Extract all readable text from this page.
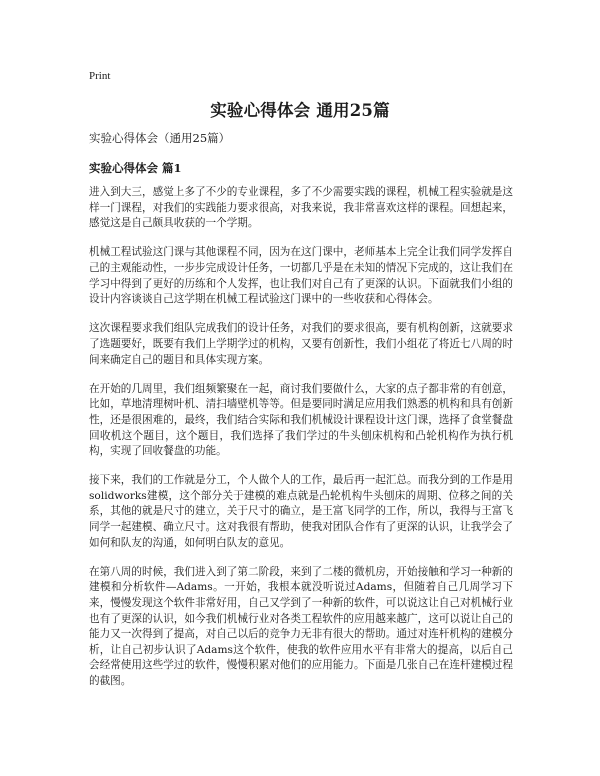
Print

实验心得体会 通用25篇

实验心得体会（通用25篇）

实验心得体会 篇1

进入到大三，感觉上多了不少的专业课程，多了不少需要实践的课程，机械工程实验就是这样一门课程，对我们的实践能力要求很高，对我来说，我非常喜欢这样的课程。回想起来，感觉这是自己颇具收获的一个学期。

机械工程试验这门课与其他课程不同，因为在这门课中，老师基本上完全让我们同学发挥自己的主观能动性，一步步完成设计任务，一切都几乎是在未知的情况下完成的，这让我们在学习中得到了更好的历练和个人发挥，也让我们对自己有了更深的认识。下面就我们小组的设计内容谈谈自己这学期在机械工程试验这门课中的一些收获和心得体会。

这次课程要求我们组队完成我们的设计任务，对我们的要求很高，要有机构创新，这就要求了选题要好，既要有我们上学期学过的机构，又要有创新性，我们小组花了将近七八周的时间来确定自己的题目和具体实现方案。

在开始的几周里，我们组频繁聚在一起，商讨我们要做什么，大家的点子都非常的有创意，比如，草地清理树叶机、清扫墙壁机等等。但是要同时满足应用我们熟悉的机构和具有创新性，还是很困难的，最终，我们结合实际和我们机械设计课程设计这门课，选择了食堂餐盘回收机这个题目，这个题目，我们选择了我们学过的牛头刨床机构和凸轮机构作为执行机构，实现了回收餐盘的功能。

接下来，我们的工作就是分工，个人做个人的工作，最后再一起汇总。而我分到的工作是用solidworks建模，这个部分关于建模的难点就是凸轮机构牛头刨床的周期、位移之间的关系，其他的就是尺寸的建立，关于尺寸的确立，是王富飞同学的工作，所以，我得与王富飞同学一起建模、确立尺寸。这对我很有帮助，使我对团队合作有了更深的认识，让我学会了如何和队友的沟通，如何明白队友的意见。

在第八周的时候，我们进入到了第二阶段，来到了二楼的微机房，开始接触和学习一种新的建模和分析软件—Adams。一开始，我根本就没听说过Adams，但随着自己几周学习下来，慢慢发现这个软件非常好用，自己又学到了一种新的软件，可以说这让自己对机械行业也有了更深的认识，如今我们机械行业对各类工程软件的应用越来越广，这可以说让自己的能力又一次得到了提高，对自己以后的竞争力无非有很大的帮助。通过对连杆机构的建模分析，让自己初步认识了Adams这个软件，使我的软件应用水平有非常大的提高，以后自己会经常使用这些学过的软件，慢慢积累对他们的应用能力。下面是几张自己在连杆建模过程的截图。
